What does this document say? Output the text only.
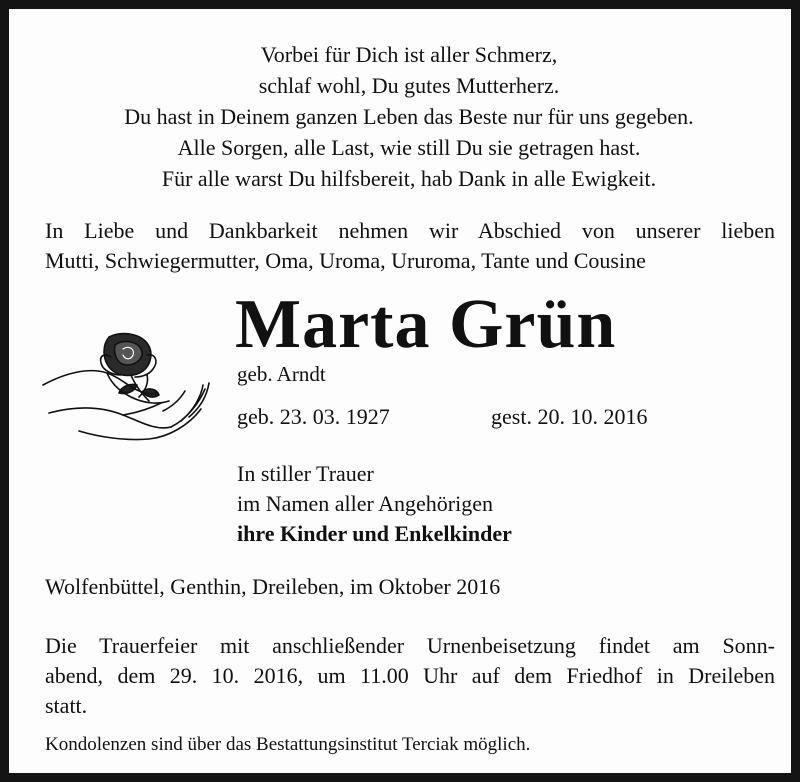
Vorbei für Dich ist aller Schmerz,
schlaf wohl, Du gutes Mutterherz.
Du hast in Deinem ganzen Leben das Beste nur für uns gegeben.
Alle Sorgen, alle Last, wie still Du sie getragen hast.
Für alle warst Du hilfsbereit, hab Dank in alle Ewigkeit.
In Liebe und Dankbarkeit nehmen wir Abschied von unserer lieben
Mutti, Schwiegermutter, Oma, Uroma, Ururoma, Tante und Cousine
Marta Grün
geb. Arndt
geb. 23. 03. 1927	gest. 20. 10. 2016
In stiller Trauer
im Namen aller Angehörigen
ihre Kinder und Enkelkinder
Wolfenbüttel, Genthin, Dreileben, im Oktober 2016
Die Trauerfeier mit anschließender Urnenbeisetzung findet am Sonn-
abend, dem 29. 10. 2016, um 11.00 Uhr auf dem Friedhof in Dreileben
statt.
Kondolenzen sind über das Bestattungsinstitut Terciak möglich.
